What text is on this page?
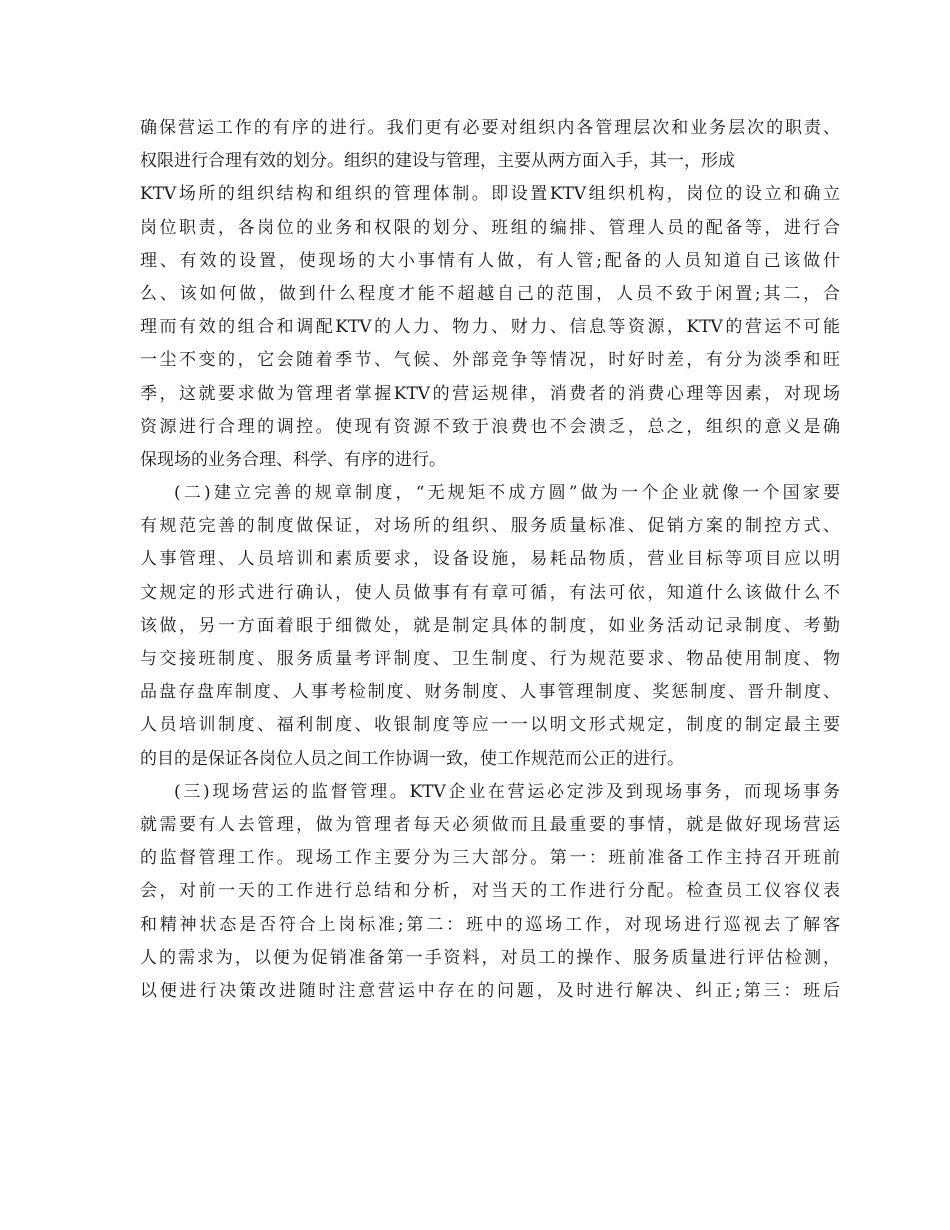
确保营运工作的有序的进行。我们更有必要对组织内各管理层次和业务层次的职责、
权限进行合理有效的划分。组织的建设与管理，主要从两方面入手，其一，形成
KTV场所的组织结构和组织的管理体制。即设置KTV组织机构，岗位的设立和确立
岗位职责，各岗位的业务和权限的划分、班组的编排、管理人员的配备等，进行合
理、有效的设置，使现场的大小事情有人做，有人管;配备的人员知道自己该做什
么、该如何做，做到什么程度才能不超越自己的范围，人员不致于闲置;其二，合
理而有效的组合和调配KTV的人力、物力、财力、信息等资源，KTV的营运不可能
一尘不变的，它会随着季节、气候、外部竞争等情况，时好时差，有分为淡季和旺
季，这就要求做为管理者掌握KTV的营运规律，消费者的消费心理等因素，对现场
资源进行合理的调控。使现有资源不致于浪费也不会溃乏，总之，组织的意义是确
保现场的业务合理、科学、有序的进行。
(二)建立完善的规章制度，“无规矩不成方圆”做为一个企业就像一个国家要
有规范完善的制度做保证，对场所的组织、服务质量标准、促销方案的制控方式、
人事管理、人员培训和素质要求，设备设施，易耗品物质，营业目标等项目应以明
文规定的形式进行确认，使人员做事有有章可循，有法可依，知道什么该做什么不
该做，另一方面着眼于细微处，就是制定具体的制度，如业务活动记录制度、考勤
与交接班制度、服务质量考评制度、卫生制度、行为规范要求、物品使用制度、物
品盘存盘库制度、人事考检制度、财务制度、人事管理制度、奖惩制度、晋升制度、
人员培训制度、福利制度、收银制度等应一一以明文形式规定，制度的制定最主要
的目的是保证各岗位人员之间工作协调一致，使工作规范而公正的进行。
(三)现场营运的监督管理。KTV企业在营运必定涉及到现场事务，而现场事务
就需要有人去管理，做为管理者每天必须做而且最重要的事情，就是做好现场营运
的监督管理工作。现场工作主要分为三大部分。第一：班前准备工作主持召开班前
会，对前一天的工作进行总结和分析，对当天的工作进行分配。检查员工仪容仪表
和精神状态是否符合上岗标准;第二：班中的巡场工作，对现场进行巡视去了解客
人的需求为，以便为促销准备第一手资料，对员工的操作、服务质量进行评估检测，
以便进行决策改进随时注意营运中存在的问题，及时进行解决、纠正;第三：班后
